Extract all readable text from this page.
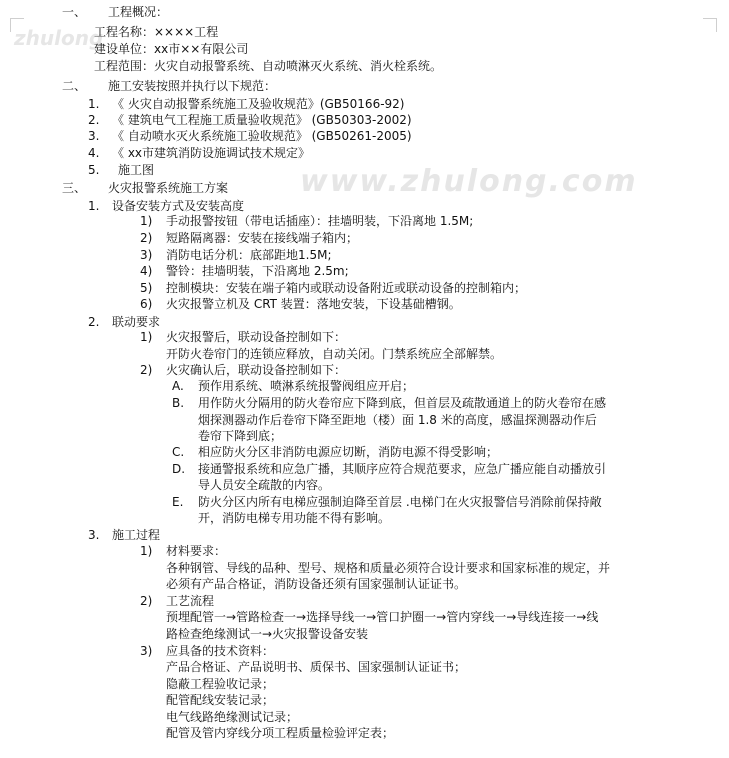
zhulong
www.zhulong.com
一、 工程概况：
工程名称：××××工程
建设单位：xx市××有限公司
工程范围：火灾自动报警系统、自动喷淋灭火系统、消火栓系统。
二、 施工安装按照并执行以下规范：
1. 《 火灾自动报警系统施工及验收规范》(GB50166-92)
2. 《 建筑电气工程施工质量验收规范》 (GB50303-2002)
3. 《 自动喷水灭火系统施工验收规范》 (GB50261-2005)
4. 《 xx市建筑消防设施调试技术规定》
5. 施工图
三、 火灾报警系统施工方案
1. 设备安装方式及安装高度
1) 手动报警按钮（带电话插座）：挂墙明装，下沿离地 1.5M;
2) 短路隔离器：安装在接线端子箱内；
3) 消防电话分机：底部距地1.5M;
4) 警铃：挂墙明装，下沿离地 2.5m;
5) 控制模块：安装在端子箱内或联动设备附近或联动设备的控制箱内；
6) 火灾报警立机及 CRT 装置：落地安装，下设基础槽钢。
2. 联动要求
1) 火灾报警后，联动设备控制如下：
开防火卷帘门的连锁应释放，自动关闭。门禁系统应全部解禁。
2) 火灾确认后，联动设备控制如下：
A. 预作用系统、喷淋系统报警阀组应开启；
B. 用作防火分隔用的防火卷帘应下降到底，但首层及疏散通道上的防火卷帘在感
烟探测器动作后卷帘下降至距地（楼）面 1.8 米的高度，感温探测器动作后
卷帘下降到底；
C. 相应防火分区非消防电源应切断，消防电源不得受影响；
D. 接通警报系统和应急广播，其顺序应符合规范要求，应急广播应能自动播放引
导人员安全疏散的内容。
E. 防火分区内所有电梯应强制迫降至首层 .电梯门在火灾报警信号消除前保持敞
开，消防电梯专用功能不得有影响。
3. 施工过程
1) 材料要求：
各种钢管、导线的品种、型号、规格和质量必须符合设计要求和国家标准的规定，并
必须有产品合格证，消防设备还须有国家强制认证证书。
2) 工艺流程
预埋配管一→管路检查一→选择导线一→管口护圈一→管内穿线一→导线连接一→线
路检查绝缘测试一→火灾报警设备安装
3) 应具备的技术资料：
产品合格证、产品说明书、质保书、国家强制认证证书；
隐蔽工程验收记录；
配管配线安装记录；
电气线路绝缘测试记录；
配管及管内穿线分项工程质量检验评定表；
